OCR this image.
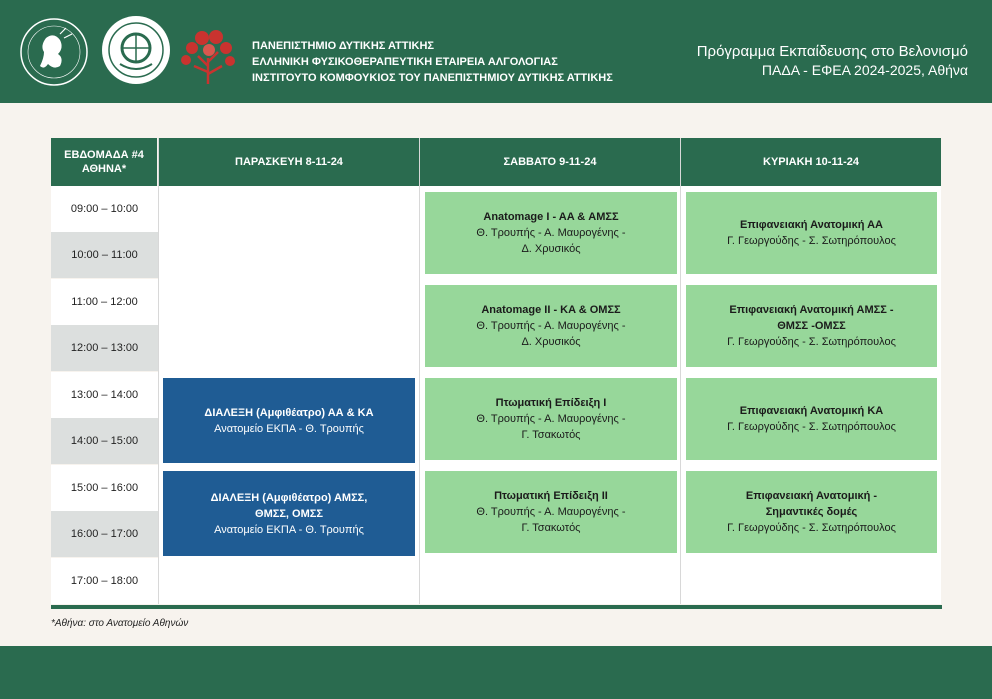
ΠΑΝΕΠΙΣΤΗΜΙΟ ΔΥΤΙΚΗΣ ΑΤΤΙΚΗΣ
ΕΛΛΗΝΙΚΗ ΦΥΣΙΚΟΘΕΡΑΠΕΥΤΙΚΗ ΕΤΑΙΡΕΙΑ ΑΛΓΟΛΟΓΙΑΣ
ΙΝΣΤΙΤΟΥΤΟ ΚΟΜΦΟΥΚΙΟΣ ΤΟΥ ΠΑΝΕΠΙΣΤΗΜΙΟΥ ΔΥΤΙΚΗΣ ΑΤΤΙΚΗΣ
Πρόγραμμα Εκπαίδευσης στο Βελονισμό
ΠΑΔΑ - ΕΦΕΑ 2024-2025, Αθήνα
ΕΒΔΟΜΑΔΑ #4
ΑΘΗΝΑ*
ΠΑΡΑΣΚΕΥΗ 8-11-24	ΣΑΒΒΑΤΟ 9-11-24	ΚΥΡΙΑΚΗ 10-11-24
09:00 – 10:00
10:00 – 11:00
11:00 – 12:00
12:00 – 13:00
13:00 – 14:00
14:00 – 15:00
15:00 – 16:00
16:00 – 17:00
17:00 – 18:00
ΔΙΑΛΕΞΗ (Αμφιθέατρο) ΑΑ & ΚΑ
Ανατομείο ΕΚΠΑ - Θ. Τρουπής
ΔΙΑΛΕΞΗ (Αμφιθέατρο) ΑΜΣΣ,
ΘΜΣΣ, ΟΜΣΣ
Ανατομείο ΕΚΠΑ - Θ. Τρουπής
Anatomage I - AA & ΑΜΣΣ
Θ. Τρουπής - Α. Μαυρογένης -
Δ. Χρυσικός
Anatomage II - KA & ΟΜΣΣ
Θ. Τρουπής - Α. Μαυρογένης -
Δ. Χρυσικός
Πτωματική Επίδειξη Ι
Θ. Τρουπής - Α. Μαυρογένης -
Γ. Τσακωτός
Πτωματική Επίδειξη ΙΙ
Θ. Τρουπής - Α. Μαυρογένης -
Γ. Τσακωτός
Επιφανειακή Ανατομική ΑΑ
Γ. Γεωργούδης - Σ. Σωτηρόπουλος
Επιφανειακή Ανατομική ΑΜΣΣ -
ΘΜΣΣ -ΟΜΣΣ
Γ. Γεωργούδης - Σ. Σωτηρόπουλος
Επιφανειακή Ανατομική ΚΑ
Γ. Γεωργούδης - Σ. Σωτηρόπουλος
Επιφανειακή Ανατομική -
Σημαντικές δομές
Γ. Γεωργούδης - Σ. Σωτηρόπουλος
*Αθήνα: στο Ανατομείο Αθηνών
